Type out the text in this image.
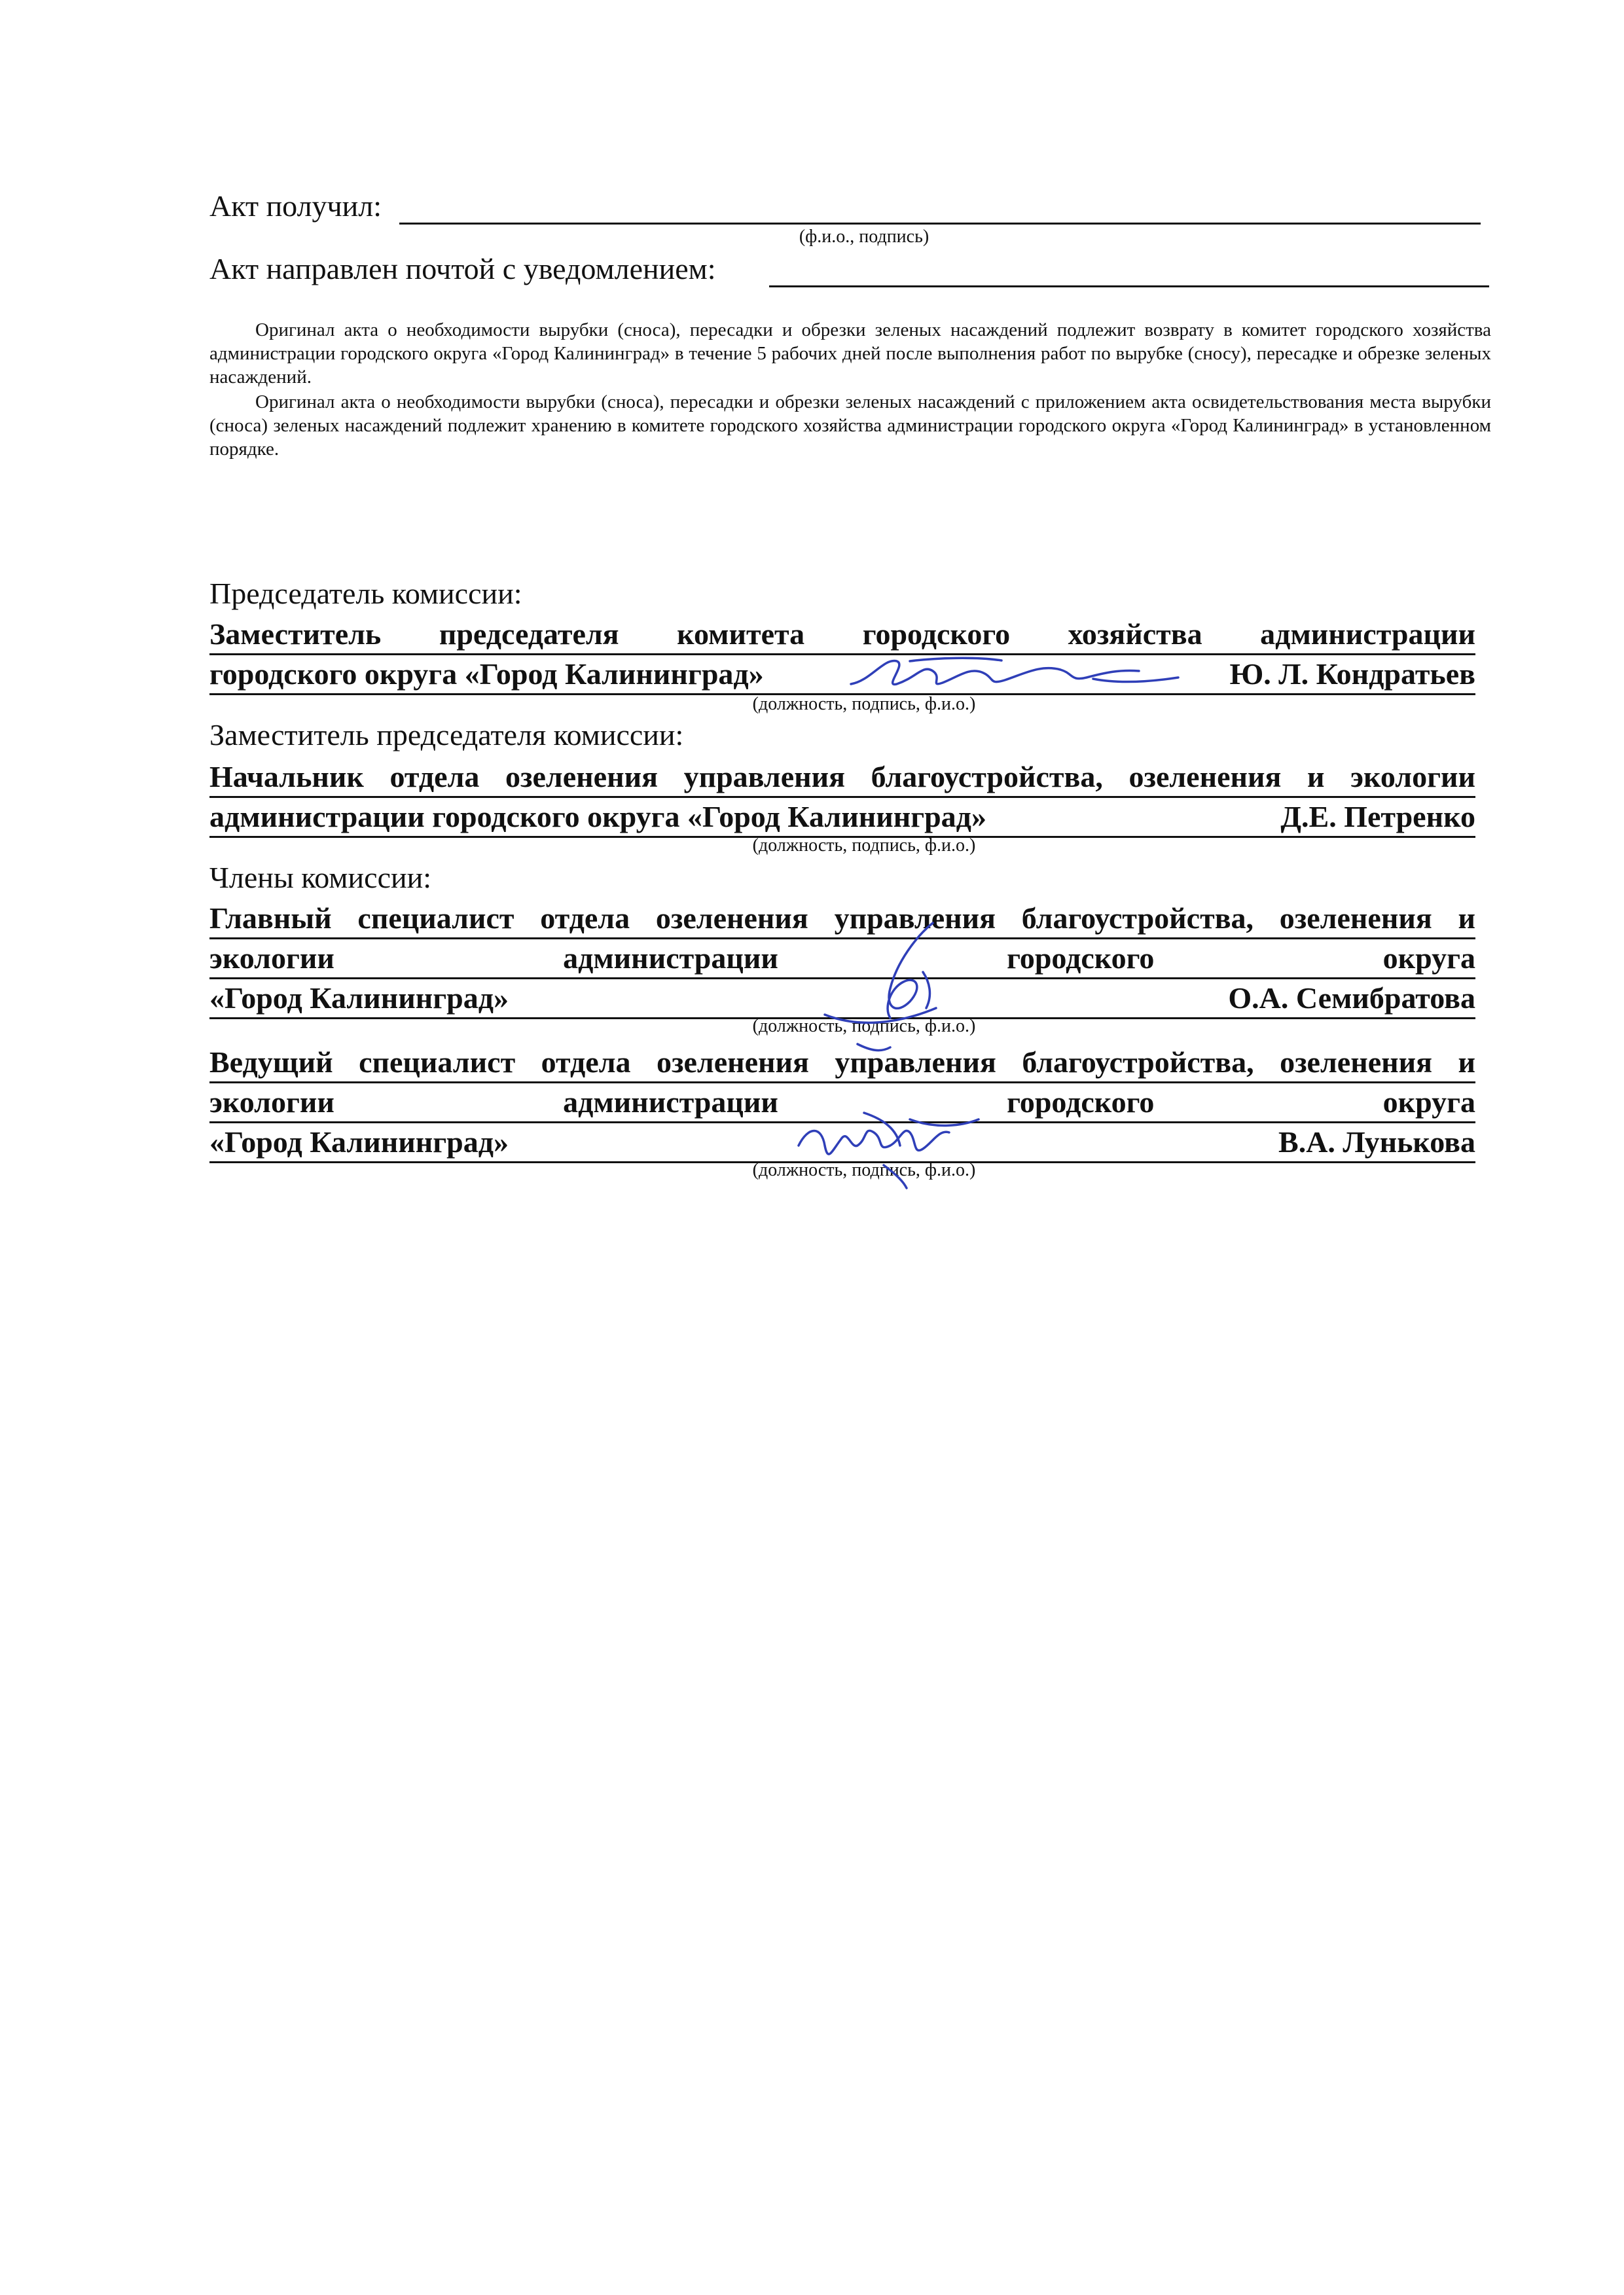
Акт получил:
(ф.и.о., подпись)
Акт направлен почтой с уведомлением:
Оригинал акта о необходимости вырубки (сноса), пересадки и обрезки зеленых насаждений подлежит возврату в комитет городского хозяйства администрации городского округа «Город Калининград» в течение 5 рабочих дней после выполнения работ по вырубке (сносу), пересадке и обрезке зеленых насаждений.
Оригинал акта о необходимости вырубки (сноса), пересадки и обрезки зеленых насаждений с приложением акта освидетельствования места вырубки (сноса) зеленых насаждений подлежит хранению в комитете городского хозяйства администрации городского округа «Город Калининград» в установленном порядке.
Председатель комиссии:
Заместитель председателя комитета городского хозяйства администрации
городского округа «Город Калининград»	Ю. Л. Кондратьев
(должность, подпись, ф.и.о.)
Заместитель председателя комиссии:
Начальник отдела озеленения управления благоустройства, озеленения и экологии
администрации городского округа «Город Калининград»	Д.Е. Петренко
(должность, подпись, ф.и.о.)
Члены комиссии:
Главный специалист отдела озеленения управления благоустройства, озеленения и
экологии	администрации	городского	округа
«Город Калининград»	О.А. Семибратова
(должность, подпись, ф.и.о.)
Ведущий специалист отдела озеленения управления благоустройства, озеленения и
экологии	администрации	городского	округа
«Город Калининград»	В.А. Лунькова
(должность, подпись, ф.и.о.)
